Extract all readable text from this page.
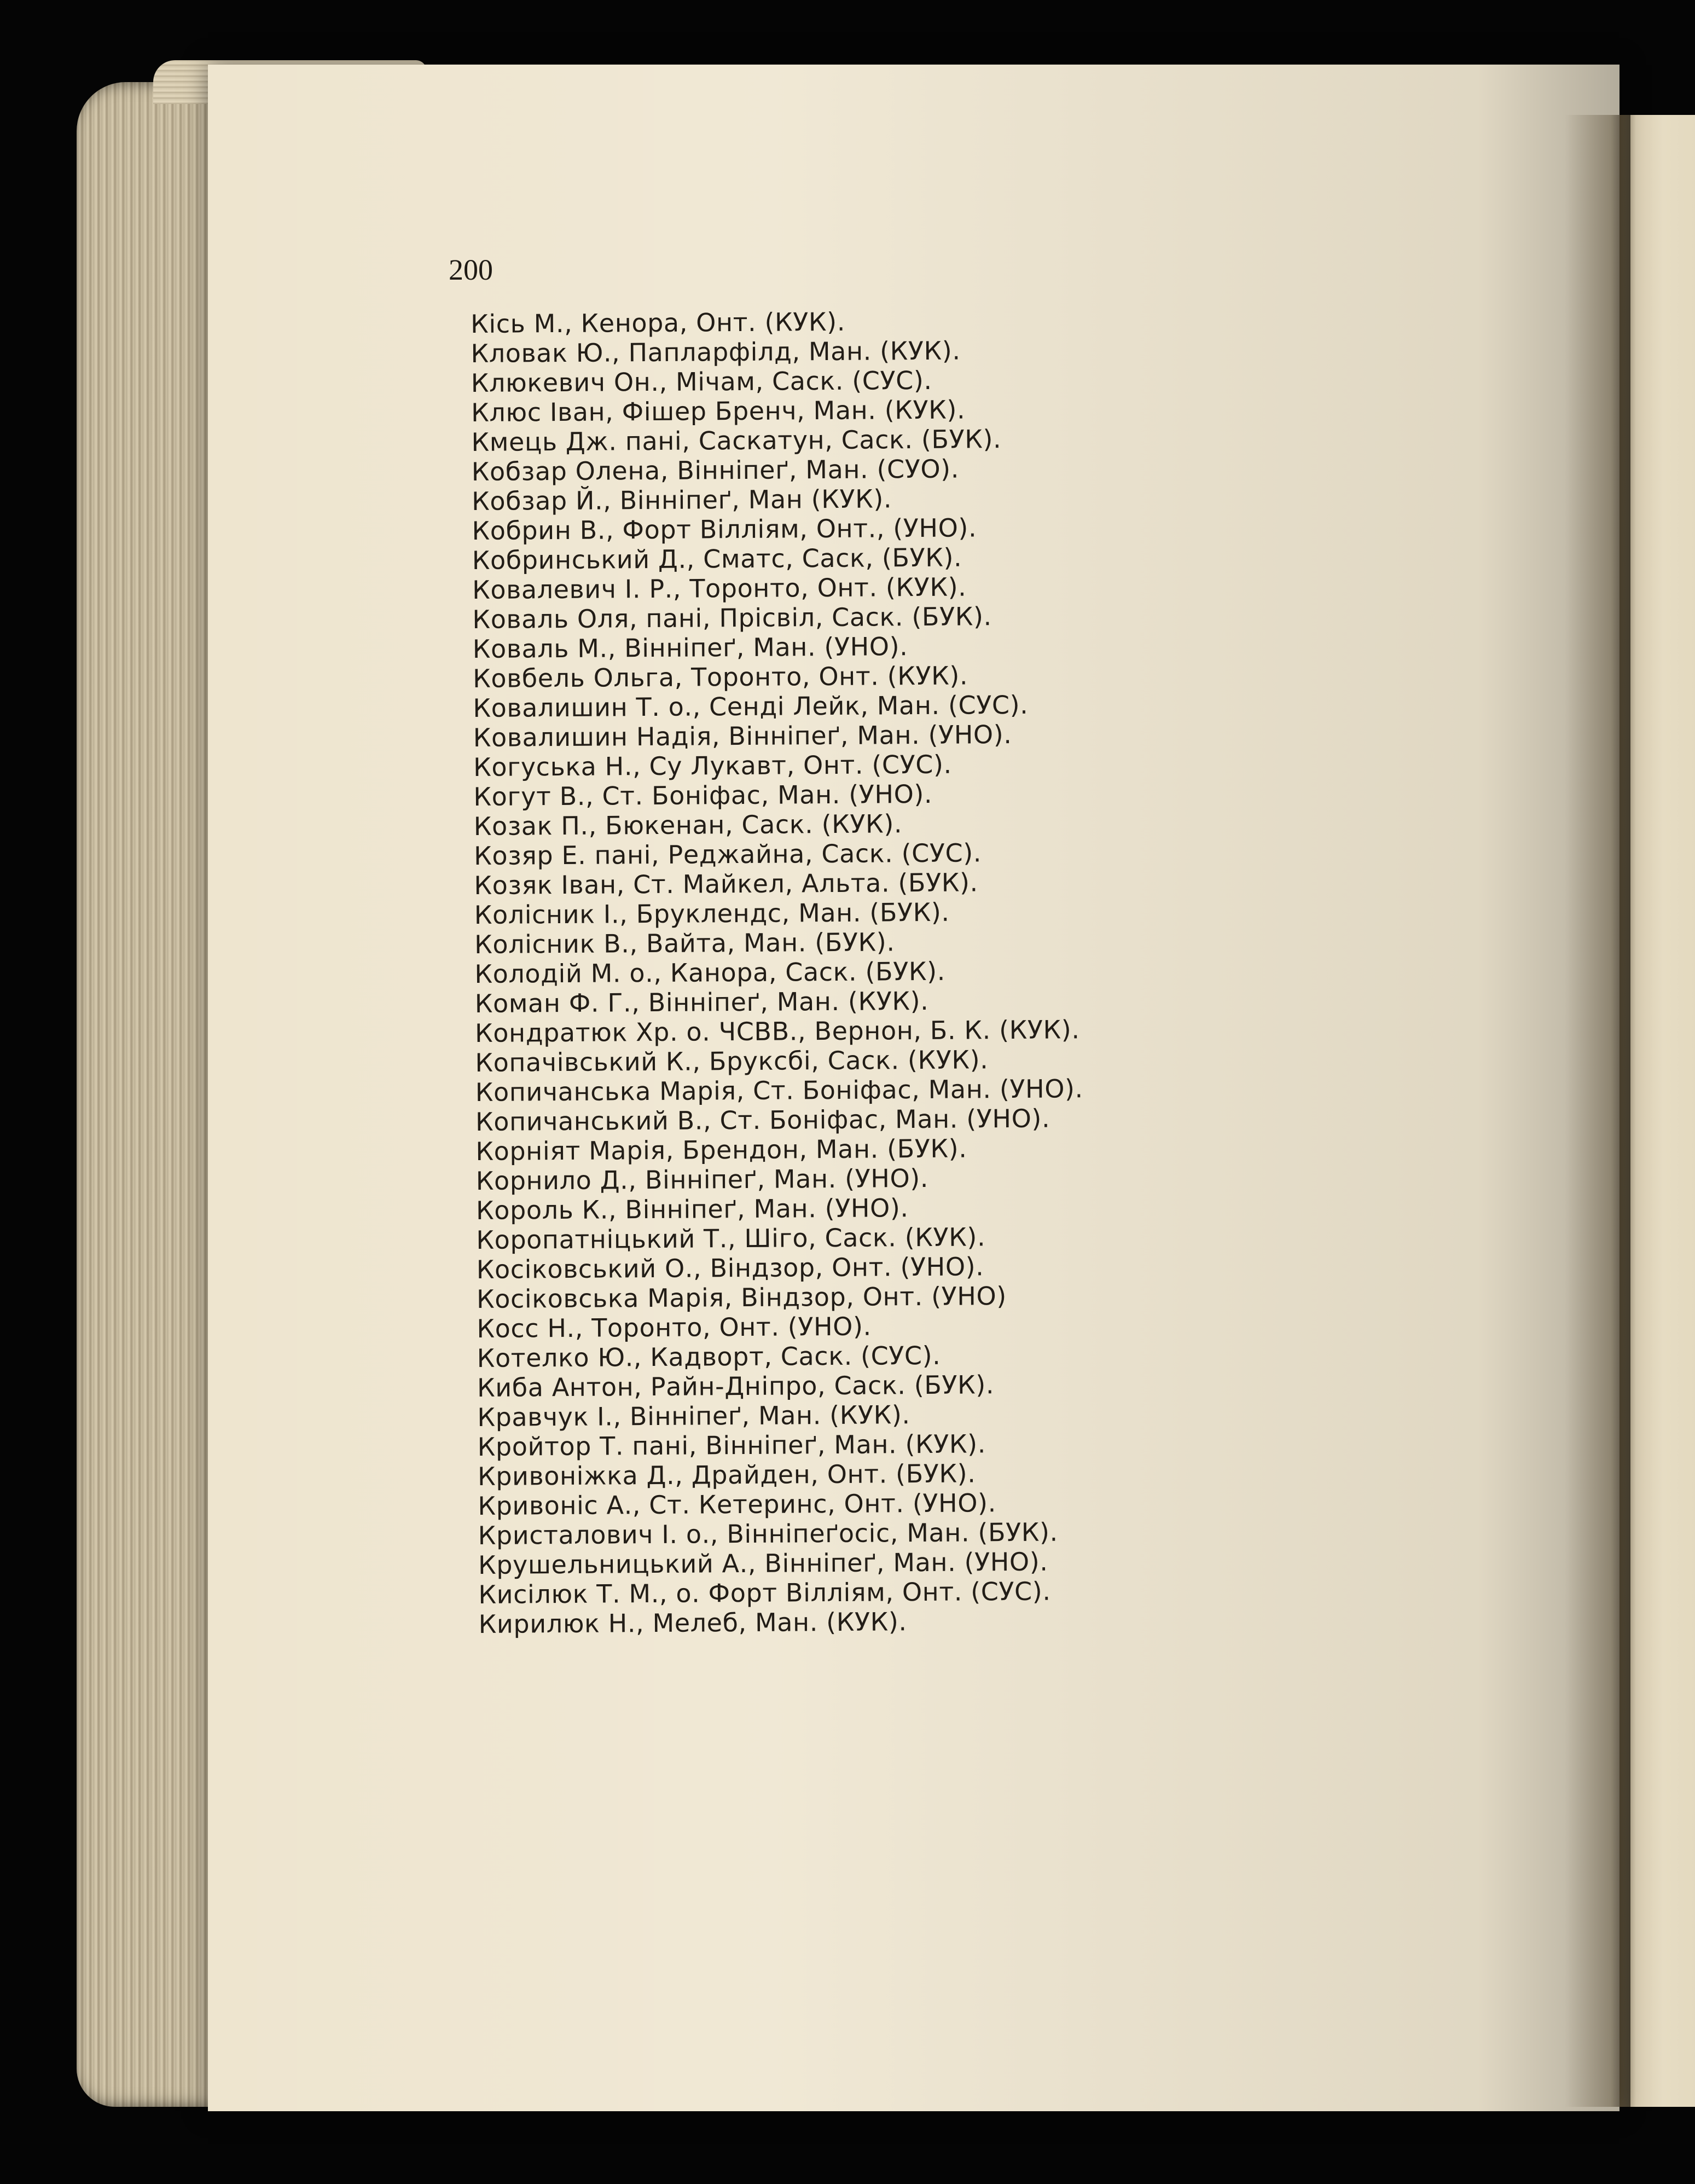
200

Кісь М., Кенора, Онт. (КУК).
Кловак Ю., Папларфілд, Ман. (КУК).
Клюкевич Он., Мічам, Саск. (СУС).
Клюс Іван, Фішер Бренч, Ман. (КУК).
Кмець Дж. пані, Саскатун, Саск. (БУК).
Кобзар Олена, Вінніпеґ, Ман. (СУО).
Кобзар Й., Вінніпеґ, Ман (КУК).
Кобрин В., Форт Вілліям, Онт., (УНО).
Кобринський Д., Сматс, Саск, (БУК).
Ковалевич І. Р., Торонто, Онт. (КУК).
Коваль Оля, пані, Прісвіл, Саск. (БУК).
Коваль М., Вінніпеґ, Ман. (УНО).
Ковбель Ольга, Торонто, Онт. (КУК).
Ковалишин Т. о., Сенді Лейк, Ман. (СУС).
Ковалишин Надія, Вінніпеґ, Ман. (УНО).
Когуська Н., Су Лукавт, Онт. (СУС).
Когут В., Ст. Боніфас, Ман. (УНО).
Козак П., Бюкенан, Саск. (КУК).
Козяр Е. пані, Реджайна, Саск. (СУС).
Козяк Іван, Ст. Майкел, Альта. (БУК).
Колісник І., Бруклендс, Ман. (БУК).
Колісник В., Вайта, Ман. (БУК).
Колодій М. о., Канора, Саск. (БУК).
Коман Ф. Г., Вінніпеґ, Ман. (КУК).
Кондратюк Хр. о. ЧСВВ., Вернон, Б. К. (КУК).
Копачівський К., Бруксбі, Саск. (КУК).
Копичанська Марія, Ст. Боніфас, Ман. (УНО).
Копичанський В., Ст. Боніфас, Ман. (УНО).
Корніят Марія, Брендон, Ман. (БУК).
Корнило Д., Вінніпеґ, Ман. (УНО).
Король К., Вінніпеґ, Ман. (УНО).
Коропатніцький Т., Шіго, Саск. (КУК).
Косіковський О., Віндзор, Онт. (УНО).
Косіковська Марія, Віндзор, Онт. (УНО)
Косс Н., Торонто, Онт. (УНО).
Котелко Ю., Кадворт, Саск. (СУС).
Киба Антон, Райн-Дніпро, Саск. (БУК).
Кравчук І., Вінніпеґ, Ман. (КУК).
Кройтор Т. пані, Вінніпеґ, Ман. (КУК).
Кривоніжка Д., Драйден, Онт. (БУК).
Кривоніс А., Ст. Кетеринс, Онт. (УНО).
Кристалович І. о., Вінніпеґосіс, Ман. (БУК).
Крушельницький А., Вінніпеґ, Ман. (УНО).
Кисілюк Т. М., о. Форт Вілліям, Онт. (СУС).
Кирилюк Н., Мелеб, Ман. (КУК).
